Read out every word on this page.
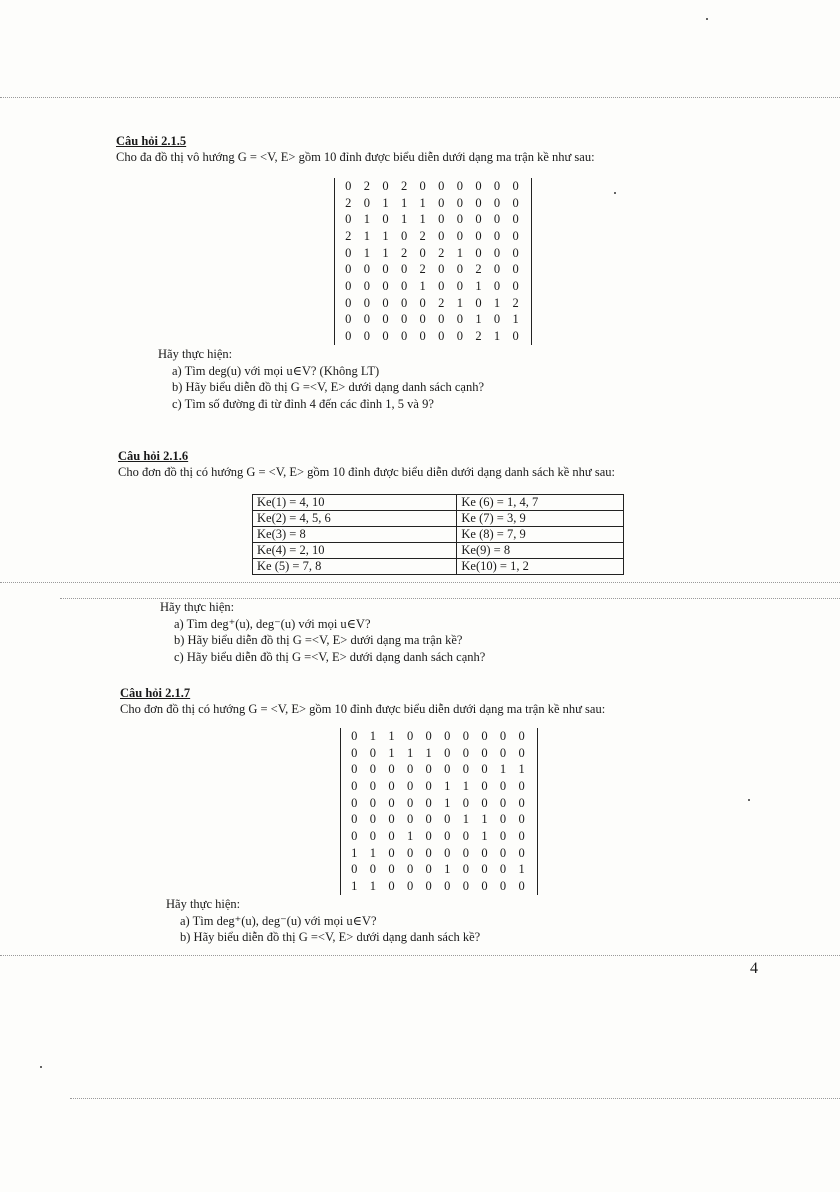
Câu hỏi 2.1.5
Cho đa đồ thị vô hướng G = <V, E> gồm 10 đỉnh được biểu diễn dưới dạng ma trận kề như sau:
0 2 0 2 0 0 0 0 0 0
2 0 1 1 1 0 0 0 0 0
0 1 0 1 1 0 0 0 0 0
2 1 1 0 2 0 0 0 0 0
0 1 1 2 0 2 1 0 0 0
0 0 0 0 2 0 0 2 0 0
0 0 0 0 1 0 0 1 0 0
0 0 0 0 0 2 1 0 1 2
0 0 0 0 0 0 0 1 0 1
0 0 0 0 0 0 0 2 1 0
Hãy thực hiện:
a) Tìm deg(u) với mọi u∈V? (Không LT)
b) Hãy biểu diễn đồ thị G =<V, E> dưới dạng danh sách cạnh?
c) Tìm số đường đi từ đỉnh 4 đến các đỉnh 1, 5 và 9?
Câu hỏi 2.1.6
Cho đơn đồ thị có hướng G = <V, E> gồm 10 đỉnh được biểu diễn dưới dạng danh sách kề như sau:
Ke(1) = 4, 10	Ke (6) = 1, 4, 7
Ke(2) = 4, 5, 6	Ke (7) = 3, 9
Ke(3) = 8	Ke (8) = 7, 9
Ke(4) = 2, 10	Ke(9) = 8
Ke (5) = 7, 8	Ke(10) = 1, 2
Hãy thực hiện:
a) Tìm deg⁺(u), deg⁻(u) với mọi u∈V?
b) Hãy biểu diễn đồ thị G =<V, E> dưới dạng ma trận kề?
c) Hãy biểu diễn đồ thị G =<V, E> dưới dạng danh sách cạnh?
Câu hỏi 2.1.7
Cho đơn đồ thị có hướng G = <V, E> gồm 10 đỉnh được biểu diễn dưới dạng ma trận kề như sau:
0 1 1 0 0 0 0 0 0 0
0 0 1 1 1 0 0 0 0 0
0 0 0 0 0 0 0 0 1 1
0 0 0 0 0 1 1 0 0 0
0 0 0 0 0 1 0 0 0 0
0 0 0 0 0 0 1 1 0 0
0 0 0 1 0 0 0 1 0 0
1 1 0 0 0 0 0 0 0 0
0 0 0 0 0 1 0 0 0 1
1 1 0 0 0 0 0 0 0 0
Hãy thực hiện:
a) Tìm deg⁺(u), deg⁻(u) với mọi u∈V?
b) Hãy biểu diễn đồ thị G =<V, E> dưới dạng danh sách kề?
4
